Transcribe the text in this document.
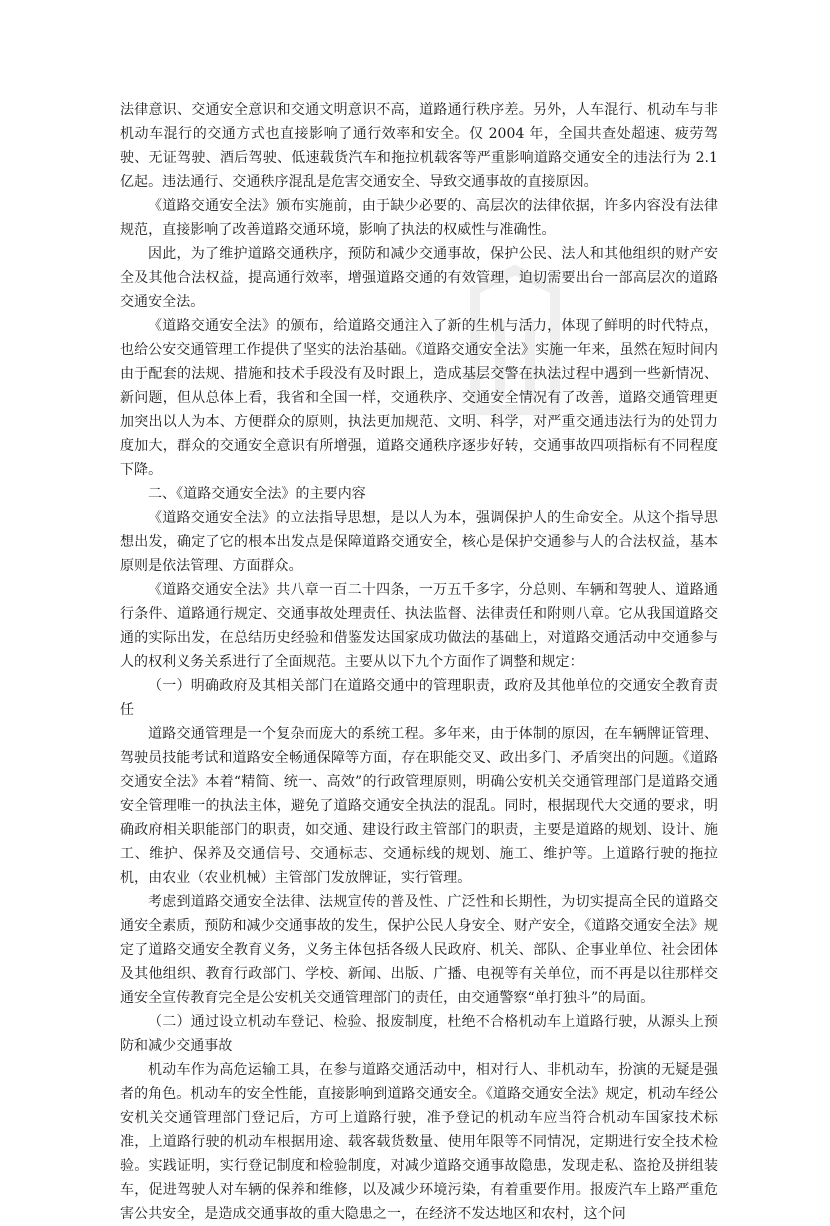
法律意识、交通安全意识和交通文明意识不高，道路通行秩序差。另外，人车混行、机动车与非机动车混行的交通方式也直接影响了通行效率和安全。仅 2004 年，全国共查处超速、疲劳驾驶、无证驾驶、酒后驾驶、低速载货汽车和拖拉机载客等严重影响道路交通安全的违法行为 2.1 亿起。违法通行、交通秩序混乱是危害交通安全、导致交通事故的直接原因。

《道路交通安全法》颁布实施前，由于缺少必要的、高层次的法律依据，许多内容没有法律规范，直接影响了改善道路交通环境，影响了执法的权威性与准确性。

因此，为了维护道路交通秩序，预防和减少交通事故，保护公民、法人和其他组织的财产安全及其他合法权益，提高通行效率，增强道路交通的有效管理，迫切需要出台一部高层次的道路交通安全法。

《道路交通安全法》的颁布，给道路交通注入了新的生机与活力，体现了鲜明的时代特点，也给公安交通管理工作提供了坚实的法治基础。《道路交通安全法》实施一年来，虽然在短时间内由于配套的法规、措施和技术手段没有及时跟上，造成基层交警在执法过程中遇到一些新情况、新问题，但从总体上看，我省和全国一样，交通秩序、交通安全情况有了改善，道路交通管理更加突出以人为本、方便群众的原则，执法更加规范、文明、科学，对严重交通违法行为的处罚力度加大，群众的交通安全意识有所增强，道路交通秩序逐步好转，交通事故四项指标有不同程度下降。

二、《道路交通安全法》的主要内容

《道路交通安全法》的立法指导思想，是以人为本，强调保护人的生命安全。从这个指导思想出发，确定了它的根本出发点是保障道路交通安全，核心是保护交通参与人的合法权益，基本原则是依法管理、方面群众。

《道路交通安全法》共八章一百二十四条，一万五千多字，分总则、车辆和驾驶人、道路通行条件、道路通行规定、交通事故处理责任、执法监督、法律责任和附则八章。它从我国道路交通的实际出发，在总结历史经验和借鉴发达国家成功做法的基础上，对道路交通活动中交通参与人的权利义务关系进行了全面规范。主要从以下九个方面作了调整和规定：

（一）明确政府及其相关部门在道路交通中的管理职责，政府及其他单位的交通安全教育责任

道路交通管理是一个复杂而庞大的系统工程。多年来，由于体制的原因，在车辆牌证管理、驾驶员技能考试和道路安全畅通保障等方面，存在职能交叉、政出多门、矛盾突出的问题。《道路交通安全法》本着“精简、统一、高效”的行政管理原则，明确公安机关交通管理部门是道路交通安全管理唯一的执法主体，避免了道路交通安全执法的混乱。同时，根据现代大交通的要求，明确政府相关职能部门的职责，如交通、建设行政主管部门的职责，主要是道路的规划、设计、施工、维护、保养及交通信号、交通标志、交通标线的规划、施工、维护等。上道路行驶的拖拉机，由农业（农业机械）主管部门发放牌证，实行管理。

考虑到道路交通安全法律、法规宣传的普及性、广泛性和长期性，为切实提高全民的道路交通安全素质，预防和减少交通事故的发生，保护公民人身安全、财产安全，《道路交通安全法》规定了道路交通安全教育义务，义务主体包括各级人民政府、机关、部队、企事业单位、社会团体及其他组织、教育行政部门、学校、新闻、出版、广播、电视等有关单位，而不再是以往那样交通安全宣传教育完全是公安机关交通管理部门的责任，由交通警察“单打独斗”的局面。

（二）通过设立机动车登记、检验、报废制度，杜绝不合格机动车上道路行驶，从源头上预防和减少交通事故

机动车作为高危运输工具，在参与道路交通活动中，相对行人、非机动车，扮演的无疑是强者的角色。机动车的安全性能，直接影响到道路交通安全。《道路交通安全法》规定，机动车经公安机关交通管理部门登记后，方可上道路行驶，准予登记的机动车应当符合机动车国家技术标准，上道路行驶的机动车根据用途、载客载货数量、使用年限等不同情况，定期进行安全技术检验。实践证明，实行登记制度和检验制度，对减少道路交通事故隐患，发现走私、盗抢及拼组装车，促进驾驶人对车辆的保养和维修，以及减少环境污染，有着重要作用。报废汽车上路严重危害公共安全，是造成交通事故的重大隐患之一，在经济不发达地区和农村，这个问
